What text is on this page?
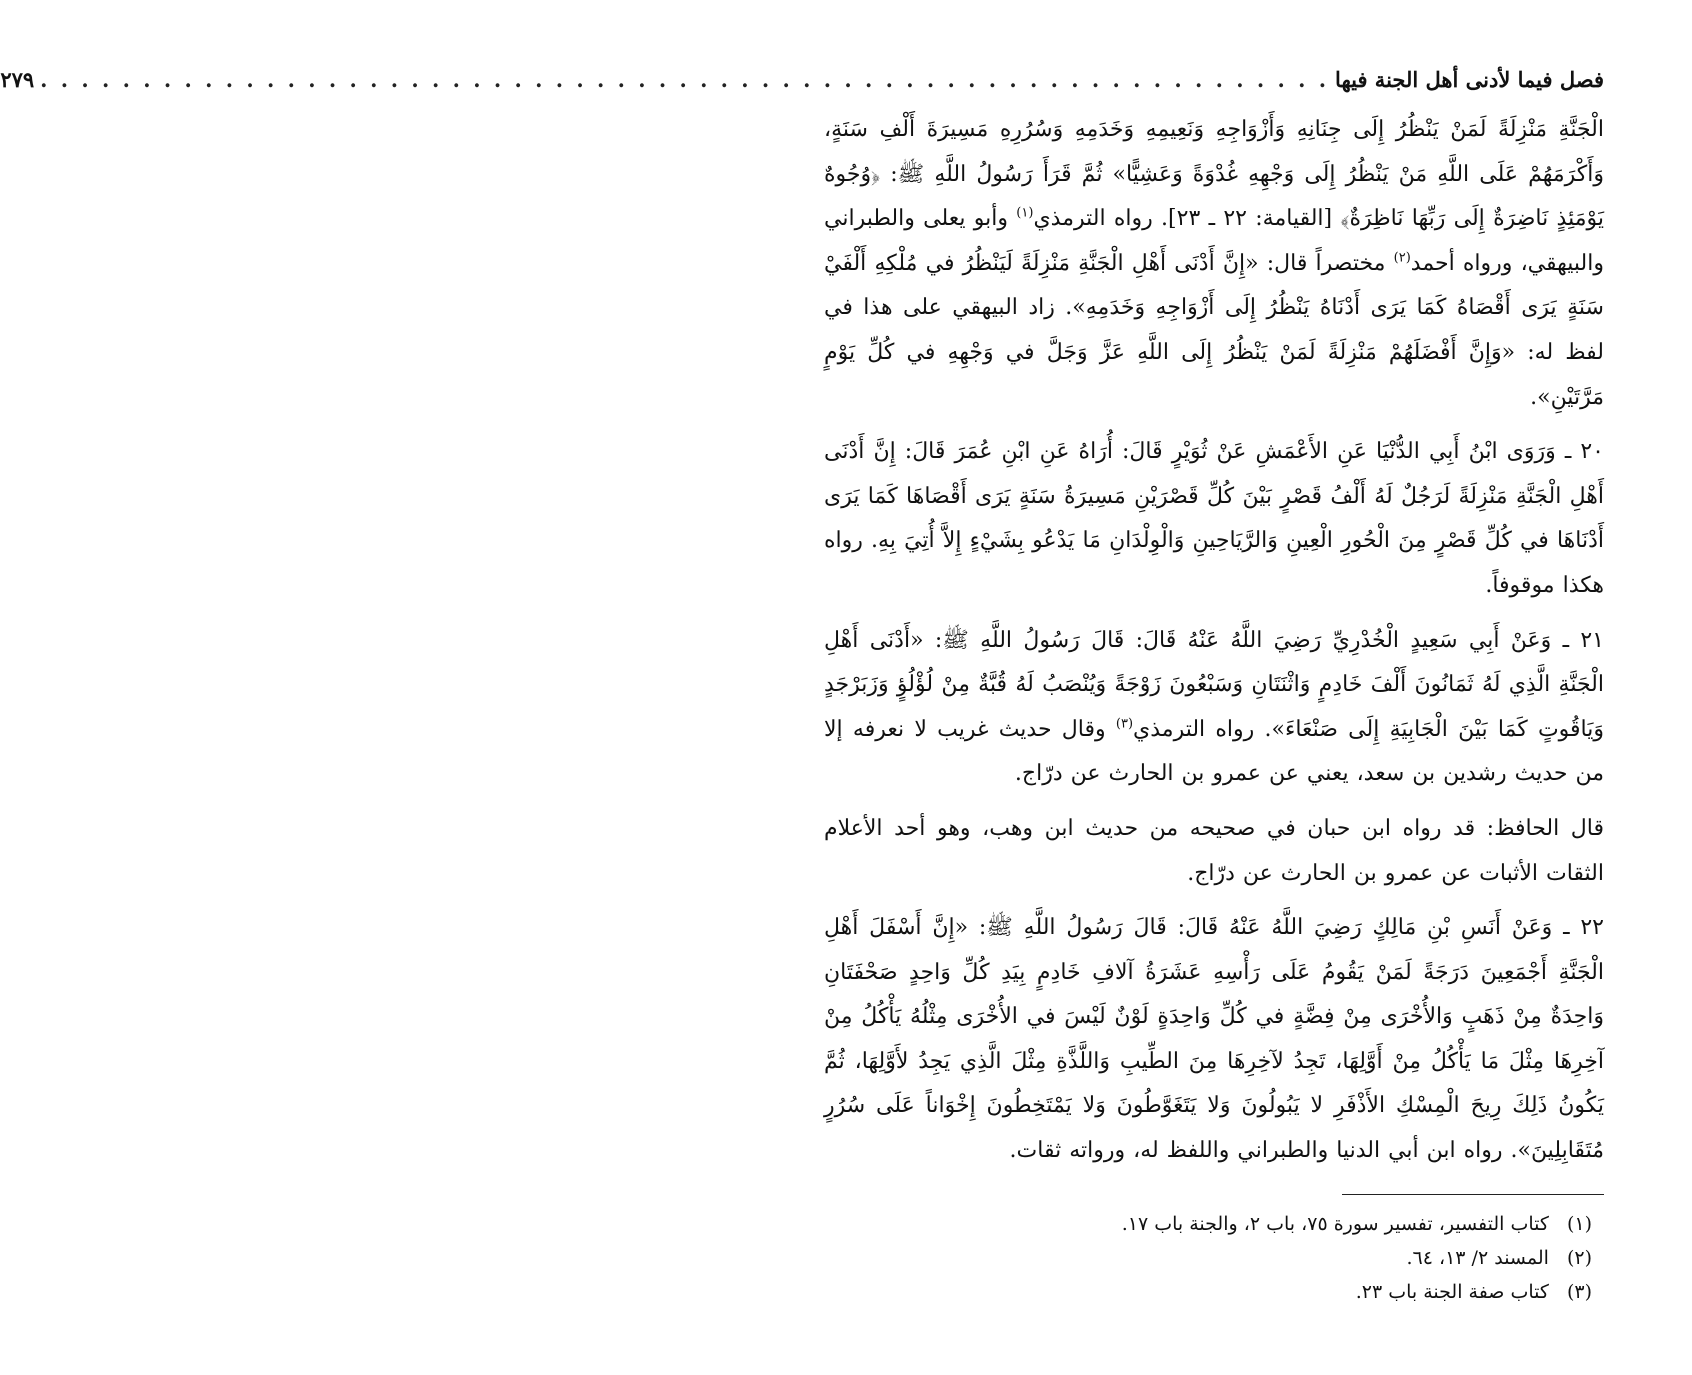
فصل فيما لأدنى أهل الجنة فيها
. . . . . . . . . . . . . . . . . . . . . . . . . . . . . . . . . . . . . . . . . . . . . . . . . . . . . . . . . . . . . . .
٢٧٩

الْجَنَّةِ مَنْزِلَةً لَمَنْ يَنْظُرُ إِلَى جِنَانِهِ وَأَزْوَاجِهِ وَنَعِيمِهِ وَخَدَمِهِ وَسُرُرِهِ مَسِيرَةَ أَلْفِ سَنَةٍ، وَأَكْرَمَهُمْ عَلَى اللَّهِ مَنْ يَنْظُرُ إِلَى وَجْهِهِ غُدْوَةً وَعَشِيًّا» ثُمَّ قَرَأَ رَسُولُ اللَّهِ ﷺ: ﴿وُجُوهٌ يَوْمَئِذٍ نَاضِرَةٌ إِلَى رَبِّهَا نَاظِرَةٌ﴾ [القيامة: ٢٢ ـ ٢٣]. رواه الترمذي$^{(١)}$ وأبو يعلى والطبراني والبيهقي، ورواه أحمد$^{(٢)}$ مختصراً قال: «إِنَّ أَدْنَى أَهْلِ الْجَنَّةِ مَنْزِلَةً لَيَنْظُرُ في مُلْكِهِ أَلْفَيْ سَنَةٍ يَرَى أَقْصَاهُ كَمَا يَرَى أَدْنَاهُ يَنْظُرُ إِلَى أَزْوَاجِهِ وَخَدَمِهِ». زاد البيهقي على هذا في لفظ له: «وَإِنَّ أَفْضَلَهُمْ مَنْزِلَةً لَمَنْ يَنْظُرُ إِلَى اللَّهِ عَزَّ وَجَلَّ في وَجْهِهِ في كُلِّ يَوْمٍ مَرَّتَيْنِ».

٢٠ ـ وَرَوَى ابْنُ أَبِي الدُّنْيَا عَنِ الأَعْمَشِ عَنْ ثُوَيْرٍ قَالَ: أُرَاهُ عَنِ ابْنِ عُمَرَ قَالَ: إِنَّ أَدْنَى أَهْلِ الْجَنَّةِ مَنْزِلَةً لَرَجُلٌ لَهُ أَلْفُ قَصْرٍ بَيْنَ كُلِّ قَصْرَيْنِ مَسِيرَةُ سَنَةٍ يَرَى أَقْصَاهَا كَمَا يَرَى أَدْنَاهَا في كُلِّ قَصْرٍ مِنَ الْحُورِ الْعِينِ وَالرَّيَاحِينِ وَالْوِلْدَانِ مَا يَدْعُو بِشَيْءٍ إِلاَّ أُتِيَ بِهِ. رواه هكذا موقوفاً.

٢١ ـ وَعَنْ أَبِي سَعِيدٍ الْخُدْرِيِّ رَضِيَ اللَّهُ عَنْهُ قَالَ: قَالَ رَسُولُ اللَّهِ ﷺ: «أَدْنَى أَهْلِ الْجَنَّةِ الَّذِي لَهُ ثَمَانُونَ أَلْفَ خَادِمٍ وَاثْنَتَانِ وَسَبْعُونَ زَوْجَةً وَيُنْصَبُ لَهُ قُبَّةٌ مِنْ لُؤْلُؤٍ وَزَبَرْجَدٍ وَيَاقُوتٍ كَمَا بَيْنَ الْجَابِيَةِ إِلَى صَنْعَاءَ». رواه الترمذي$^{(٣)}$ وقال حديث غريب لا نعرفه إلا من حديث رشدين بن سعد، يعني عن عمرو بن الحارث عن درّاج.

قال الحافظ: قد رواه ابن حبان في صحيحه من حديث ابن وهب، وهو أحد الأعلام الثقات الأثبات عن عمرو بن الحارث عن درّاج.

٢٢ ـ وَعَنْ أَنَسِ بْنِ مَالِكٍ رَضِيَ اللَّهُ عَنْهُ قَالَ: قَالَ رَسُولُ اللَّهِ ﷺ: «إِنَّ أَسْفَلَ أَهْلِ الْجَنَّةِ أَجْمَعِينَ دَرَجَةً لَمَنْ يَقُومُ عَلَى رَأْسِهِ عَشَرَةُ آلافِ خَادِمٍ بِيَدِ كُلِّ وَاحِدٍ صَحْفَتَانِ وَاحِدَةٌ مِنْ ذَهَبٍ وَالأُخْرَى مِنْ فِضَّةٍ في كُلِّ وَاحِدَةٍ لَوْنٌ لَيْسَ في الأُخْرَى مِثْلُهُ يَأْكُلُ مِنْ آخِرِهَا مِثْلَ مَا يَأْكُلُ مِنْ أَوَّلِهَا، تَجِدُ لآخِرِهَا مِنَ الطِّيبِ وَاللَّذَّةِ مِثْلَ الَّذِي يَجِدُ لأَوَّلِهَا، ثُمَّ يَكُونُ ذَلِكَ رِيحَ الْمِسْكِ الأَذْفَرِ لا يَبُولُونَ وَلا يَتَغَوَّطُونَ وَلا يَمْتَخِطُونَ إِخْوَاناً عَلَى سُرُرٍ مُتَقَابِلِينَ». رواه ابن أبي الدنيا والطبراني واللفظ له، ورواته ثقات.

(١)
كتاب التفسير، تفسير سورة ٧٥، باب ٢، والجنة باب ١٧.
(٢)
المسند ٢/ ١٣، ٦٤.
(٣)
كتاب صفة الجنة باب ٢٣.
